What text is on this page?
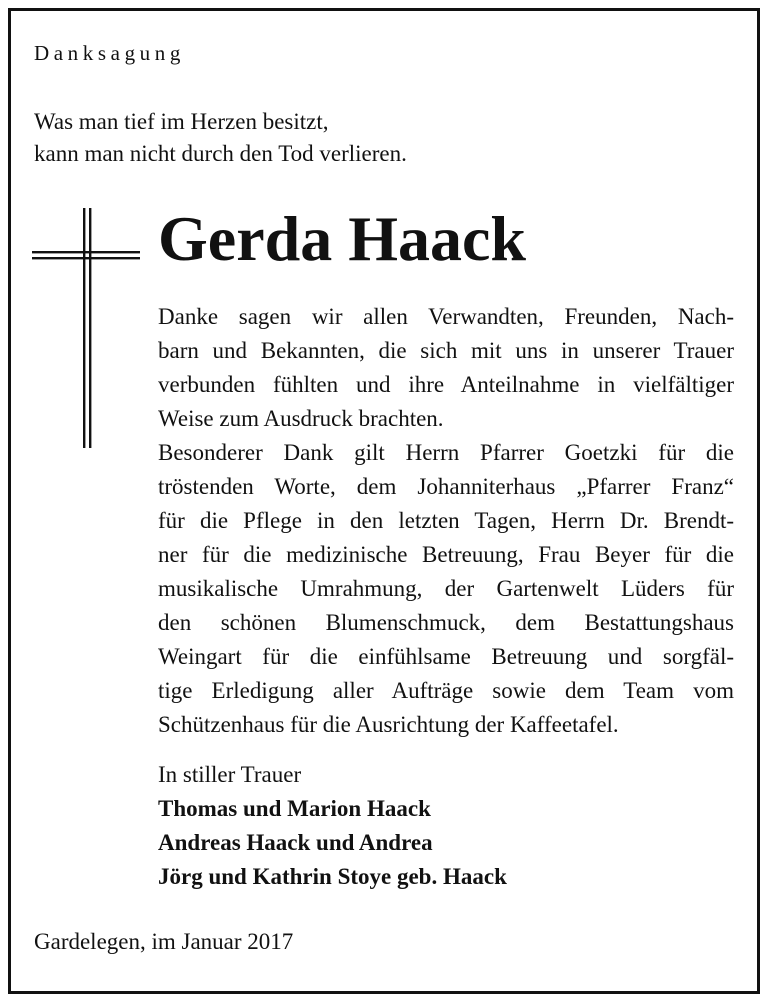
Danksagung
Was man tief im Herzen besitzt,
kann man nicht durch den Tod verlieren.
Gerda Haack
Danke sagen wir allen Verwandten, Freunden, Nach-
barn und Bekannten, die sich mit uns in unserer Trauer
verbunden fühlten und ihre Anteilnahme in vielfältiger
Weise zum Ausdruck brachten.
Besonderer Dank gilt Herrn Pfarrer Goetzki für die
tröstenden Worte, dem Johanniterhaus „Pfarrer Franz“
für die Pflege in den letzten Tagen, Herrn Dr. Brendt-
ner für die medizinische Betreuung, Frau Beyer für die
musikalische Umrahmung, der Gartenwelt Lüders für
den schönen Blumenschmuck, dem Bestattungshaus
Weingart für die einfühlsame Betreuung und sorgfäl-
tige Erledigung aller Aufträge sowie dem Team vom
Schützenhaus für die Ausrichtung der Kaffeetafel.
In stiller Trauer
Thomas und Marion Haack
Andreas Haack und Andrea
Jörg und Kathrin Stoye geb. Haack
Gardelegen, im Januar 2017
